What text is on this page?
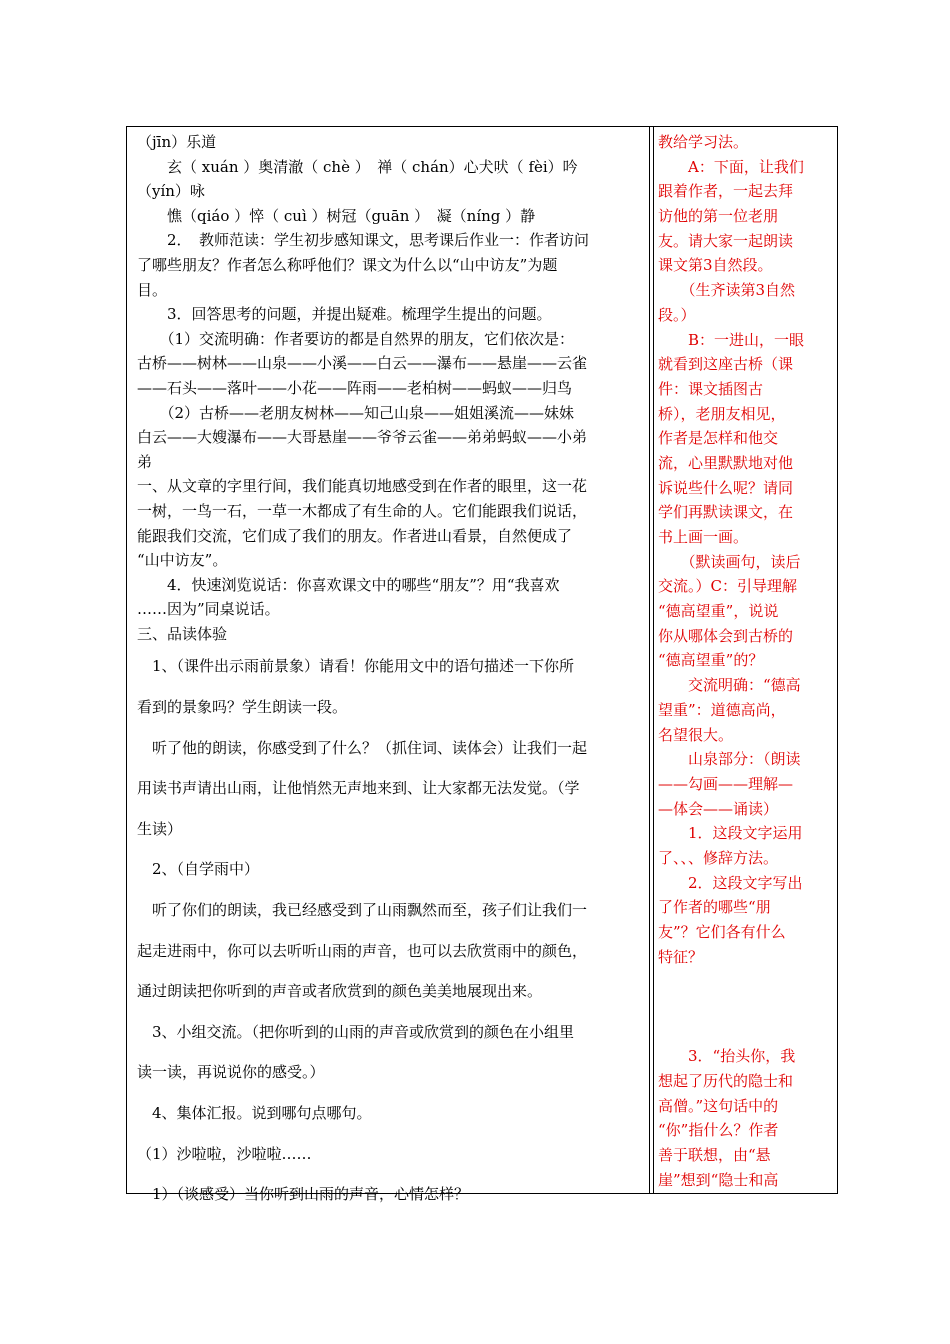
（jīn）乐道
　　玄（ xuán ）奥清澈（ chè ）　禅（ chán）心犬吠（ fèi）吟
（yín）咏
　　憔（qiáo ）悴（ cuì ）树冠（guān ）　凝（níng ）静
　　2．　教师范读：学生初步感知课文，思考课后作业一：作者访问
了哪些朋友？作者怎么称呼他们？课文为什么以“山中访友”为题
目。
　　3．回答思考的问题，并提出疑难。梳理学生提出的问题。
　　（1）交流明确：作者要访的都是自然界的朋友，它们依次是：
古桥——树林——山泉——小溪——白云——瀑布——悬崖——云雀
——石头——落叶——小花——阵雨——老柏树——蚂蚁——归鸟
　　（2）古桥——老朋友树林——知己山泉——姐姐溪流——妹妹
白云——大嫂瀑布——大哥悬崖——爷爷云雀——弟弟蚂蚁——小弟
弟
一、从文章的字里行间，我们能真切地感受到在作者的眼里，这一花
一树，一鸟一石，一草一木都成了有生命的人。它们能跟我们说话，
能跟我们交流，它们成了我们的朋友。作者进山看景，自然便成了
“山中访友”。
　　4．快速浏览说话：你喜欢课文中的哪些“朋友”？用“我喜欢
……因为”同桌说话。
三、品读体验
　1、（课件出示雨前景象）请看！你能用文中的语句描述一下你所
看到的景象吗？学生朗读一段。
　听了他的朗读，你感受到了什么？（抓住词、读体会）让我们一起
用读书声请出山雨，让他悄然无声地来到、让大家都无法发觉。（学
生读）
　2、（自学雨中）
　听了你们的朗读，我已经感受到了山雨飘然而至，孩子们让我们一
起走进雨中，你可以去听听山雨的声音，也可以去欣赏雨中的颜色，
通过朗读把你听到的声音或者欣赏到的颜色美美地展现出来。
　3、小组交流。（把你听到的山雨的声音或欣赏到的颜色在小组里
读一读，再说说你的感受。）
　4、集体汇报。说到哪句点哪句。
（1）沙啦啦，沙啦啦……
　1）（谈感受）当你听到山雨的声音，心情怎样？
教给学习法。
　　A：下面，让我们
跟着作者，一起去拜
访他的第一位老朋
友。请大家一起朗读
课文第3自然段。
　　（生齐读第3自然
段。）
　　B：一进山，一眼
就看到这座古桥（课
件：课文插图古
桥），老朋友相见，
作者是怎样和他交
流，心里默默地对他
诉说些什么呢？请同
学们再默读课文，在
书上画一画。
　　（默读画句，读后
交流。）C：引导理解
“德高望重”，说说
你从哪体会到古桥的
“德高望重”的？
　　交流明确：“德高
望重”：道德高尚，
名望很大。
　　山泉部分：（朗读
——勾画——理解—
—体会——诵读）
　　1．这段文字运用
了、、、修辞方法。
　　2．这段文字写出
了作者的哪些“朋
友”？它们各有什么
特征？
　　3．“抬头你，我
想起了历代的隐士和
高僧。”这句话中的
“你”指什么？作者
善于联想，由“悬
崖”想到“隐士和高
